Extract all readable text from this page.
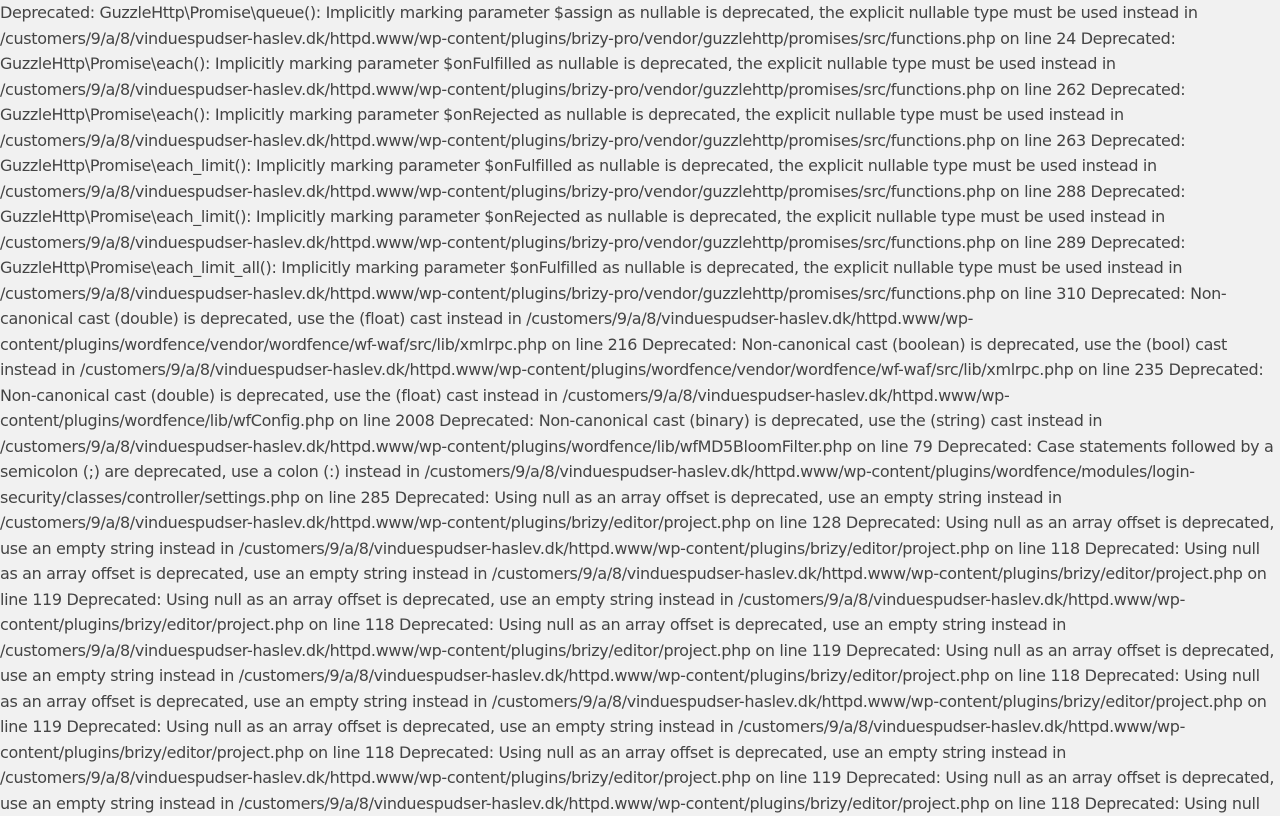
Deprecated: GuzzleHttp\Promise\queue(): Implicitly marking parameter $assign as nullable is deprecated, the explicit nullable type must be used instead in /customers/9/a/8/vinduespudser-haslev.dk/httpd.www/wp-content/plugins/brizy-pro/vendor/guzzlehttp/promises/src/functions.php on line 24 Deprecated: GuzzleHttp\Promise\each(): Implicitly marking parameter $onFulfilled as nullable is deprecated, the explicit nullable type must be used instead in /customers/9/a/8/vinduespudser-haslev.dk/httpd.www/wp-content/plugins/brizy-pro/vendor/guzzlehttp/promises/src/functions.php on line 262 Deprecated: GuzzleHttp\Promise\each(): Implicitly marking parameter $onRejected as nullable is deprecated, the explicit nullable type must be used instead in /customers/9/a/8/vinduespudser-haslev.dk/httpd.www/wp-content/plugins/brizy-pro/vendor/guzzlehttp/promises/src/functions.php on line 263 Deprecated: GuzzleHttp\Promise\each_limit(): Implicitly marking parameter $onFulfilled as nullable is deprecated, the explicit nullable type must be used instead in /customers/9/a/8/vinduespudser-haslev.dk/httpd.www/wp-content/plugins/brizy-pro/vendor/guzzlehttp/promises/src/functions.php on line 288 Deprecated: GuzzleHttp\Promise\each_limit(): Implicitly marking parameter $onRejected as nullable is deprecated, the explicit nullable type must be used instead in /customers/9/a/8/vinduespudser-haslev.dk/httpd.www/wp-content/plugins/brizy-pro/vendor/guzzlehttp/promises/src/functions.php on line 289 Deprecated: GuzzleHttp\Promise\each_limit_all(): Implicitly marking parameter $onFulfilled as nullable is deprecated, the explicit nullable type must be used instead in /customers/9/a/8/vinduespudser-haslev.dk/httpd.www/wp-content/plugins/brizy-pro/vendor/guzzlehttp/promises/src/functions.php on line 310 Deprecated: Non-canonical cast (double) is deprecated, use the (float) cast instead in /customers/9/a/8/vinduespudser-haslev.dk/httpd.www/wp-content/plugins/wordfence/vendor/wordfence/wf-waf/src/lib/xmlrpc.php on line 216 Deprecated: Non-canonical cast (boolean) is deprecated, use the (bool) cast instead in /customers/9/a/8/vinduespudser-haslev.dk/httpd.www/wp-content/plugins/wordfence/vendor/wordfence/wf-waf/src/lib/xmlrpc.php on line 235 Deprecated: Non-canonical cast (double) is deprecated, use the (float) cast instead in /customers/9/a/8/vinduespudser-haslev.dk/httpd.www/wp-content/plugins/wordfence/lib/wfConfig.php on line 2008 Deprecated: Non-canonical cast (binary) is deprecated, use the (string) cast instead in /customers/9/a/8/vinduespudser-haslev.dk/httpd.www/wp-content/plugins/wordfence/lib/wfMD5BloomFilter.php on line 79 Deprecated: Case statements followed by a semicolon (;) are deprecated, use a colon (:) instead in /customers/9/a/8/vinduespudser-haslev.dk/httpd.www/wp-content/plugins/wordfence/modules/login-security/classes/controller/settings.php on line 285 Deprecated: Using null as an array offset is deprecated, use an empty string instead in /customers/9/a/8/vinduespudser-haslev.dk/httpd.www/wp-content/plugins/brizy/editor/project.php on line 128 Deprecated: Using null as an array offset is deprecated, use an empty string instead in /customers/9/a/8/vinduespudser-haslev.dk/httpd.www/wp-content/plugins/brizy/editor/project.php on line 118 Deprecated: Using null as an array offset is deprecated, use an empty string instead in /customers/9/a/8/vinduespudser-haslev.dk/httpd.www/wp-content/plugins/brizy/editor/project.php on line 119 Deprecated: Using null as an array offset is deprecated, use an empty string instead in /customers/9/a/8/vinduespudser-haslev.dk/httpd.www/wp-content/plugins/brizy/editor/project.php on line 118 Deprecated: Using null as an array offset is deprecated, use an empty string instead in /customers/9/a/8/vinduespudser-haslev.dk/httpd.www/wp-content/plugins/brizy/editor/project.php on line 119 Deprecated: Using null as an array offset is deprecated, use an empty string instead in /customers/9/a/8/vinduespudser-haslev.dk/httpd.www/wp-content/plugins/brizy/editor/project.php on line 118 Deprecated: Using null as an array offset is deprecated, use an empty string instead in /customers/9/a/8/vinduespudser-haslev.dk/httpd.www/wp-content/plugins/brizy/editor/project.php on line 119 Deprecated: Using null as an array offset is deprecated, use an empty string instead in /customers/9/a/8/vinduespudser-haslev.dk/httpd.www/wp-content/plugins/brizy/editor/project.php on line 118 Deprecated: Using null as an array offset is deprecated, use an empty string instead in /customers/9/a/8/vinduespudser-haslev.dk/httpd.www/wp-content/plugins/brizy/editor/project.php on line 119 Deprecated: Using null as an array offset is deprecated, use an empty string instead in /customers/9/a/8/vinduespudser-haslev.dk/httpd.www/wp-content/plugins/brizy/editor/project.php on line 118 Deprecated: Using null
